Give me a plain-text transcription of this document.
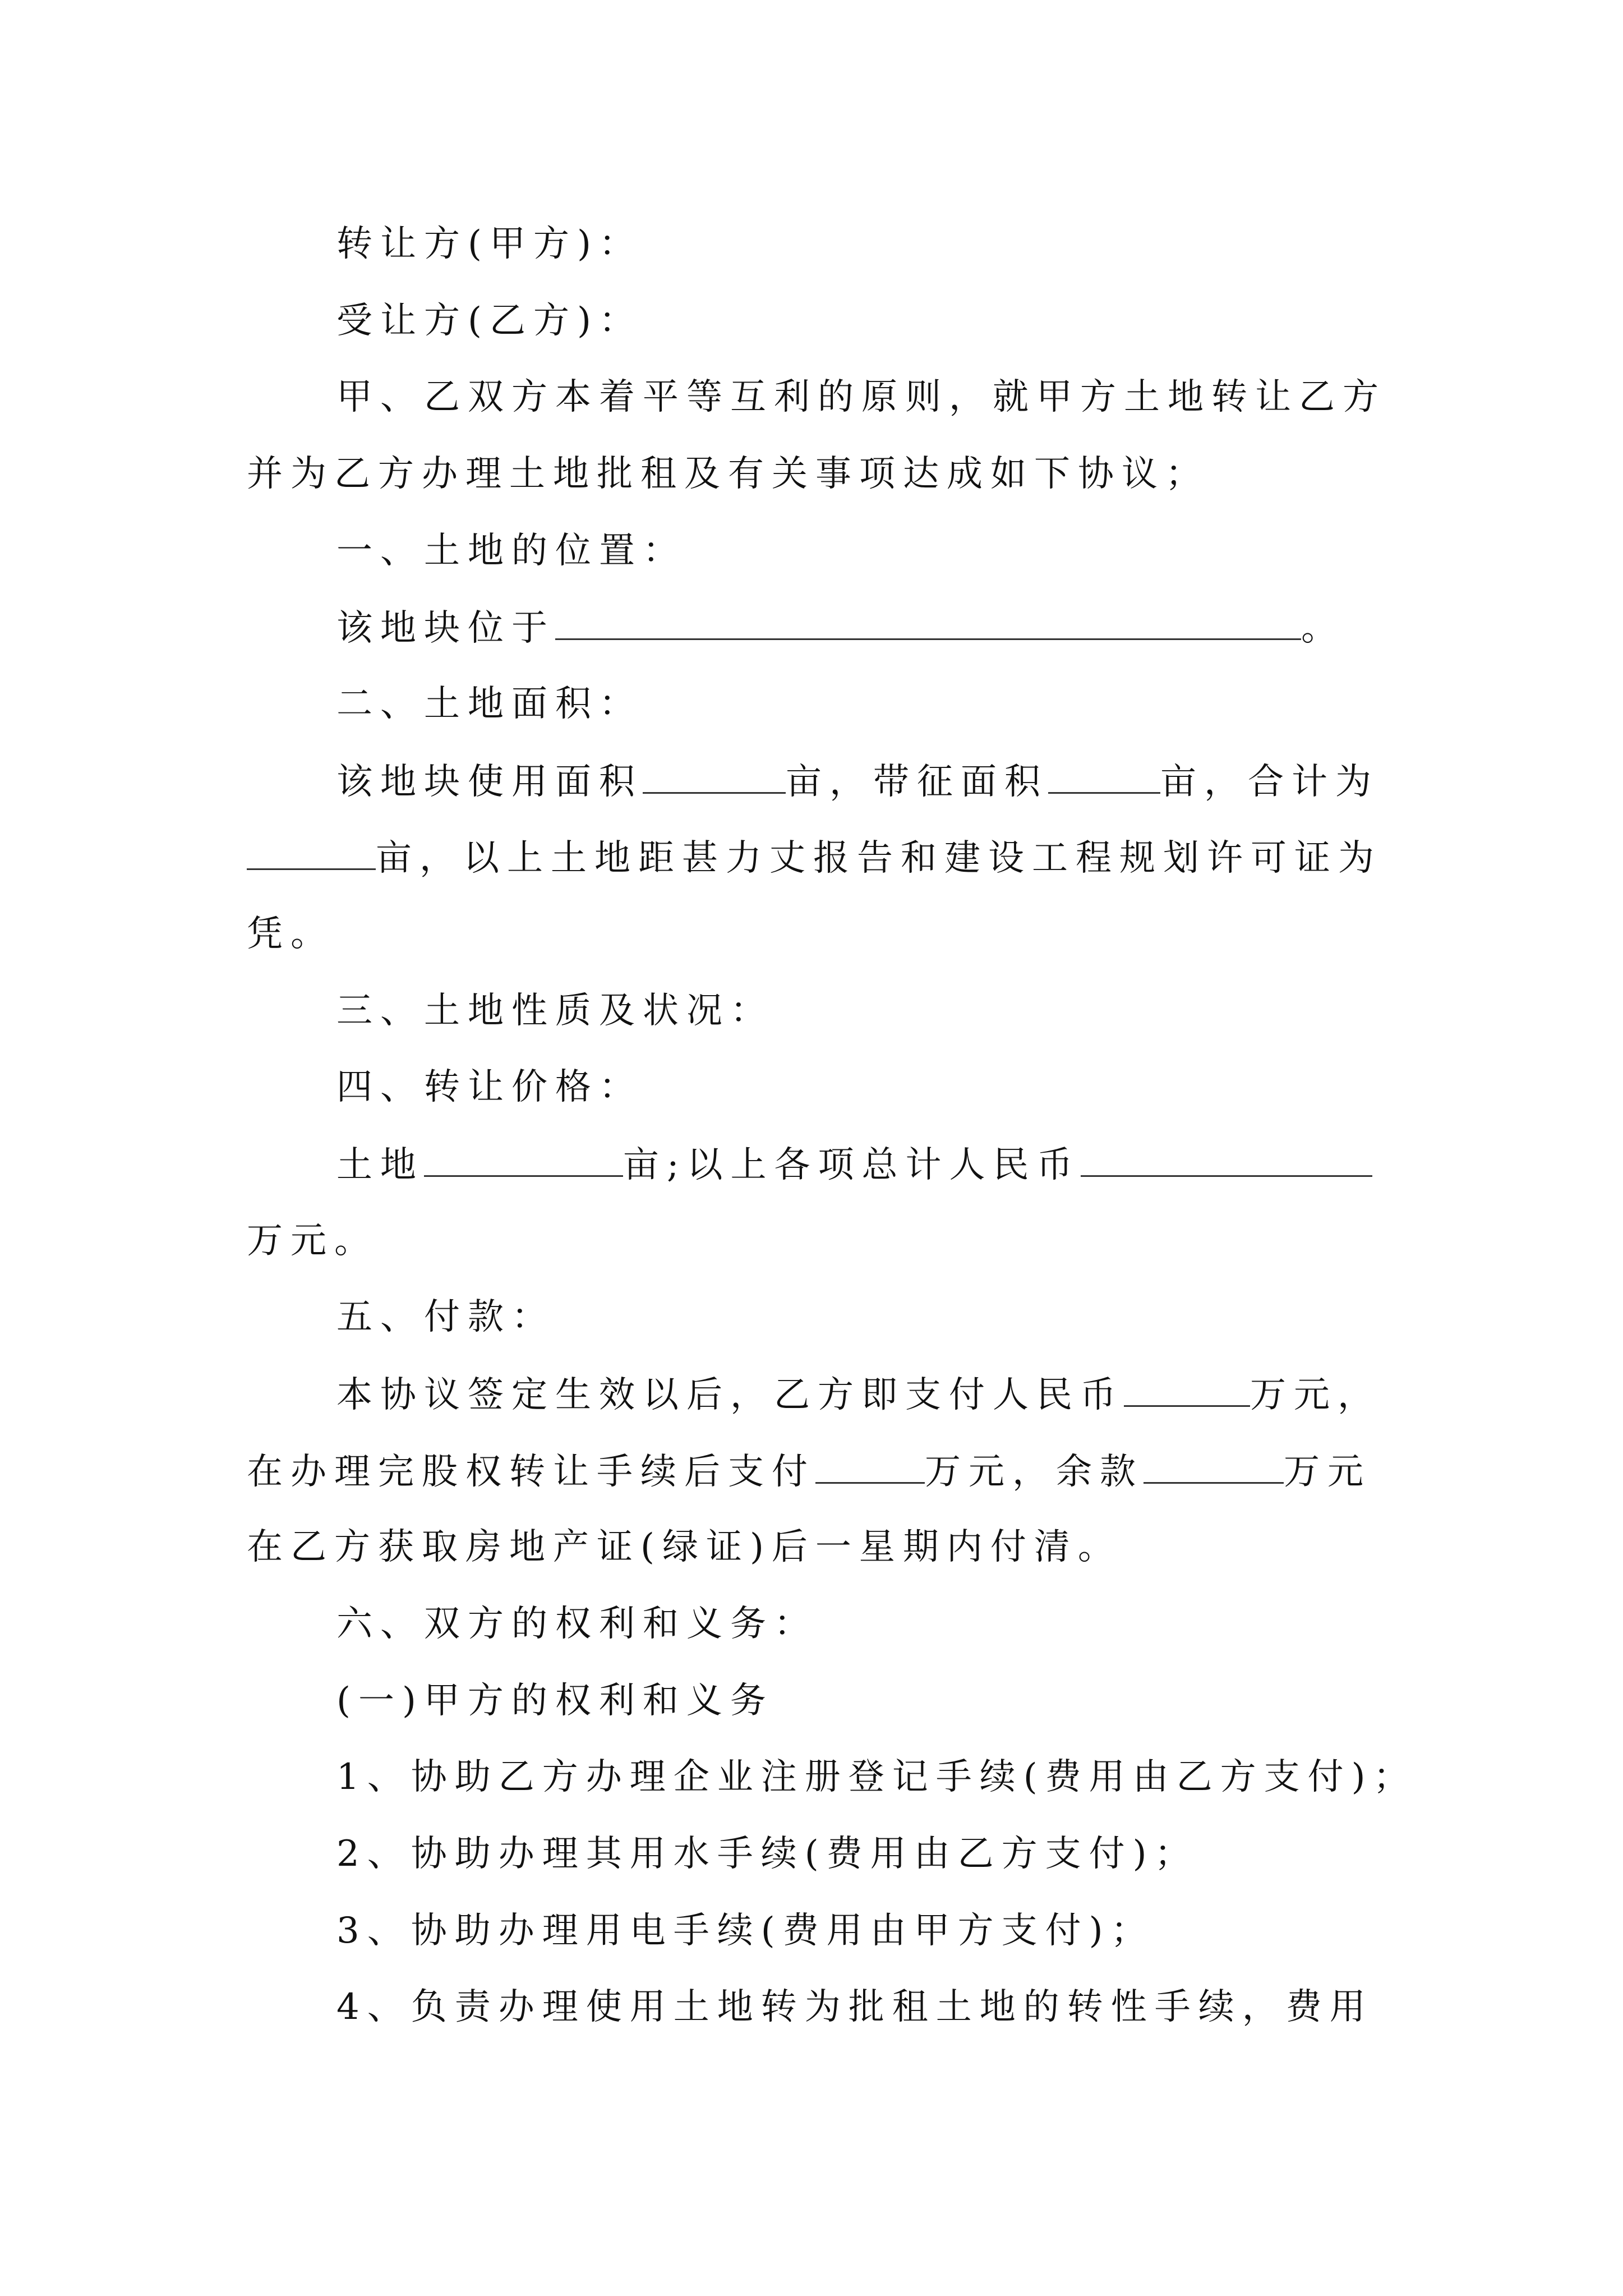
转让方(甲方)：
受让方(乙方)：
甲、乙双方本着平等互利的原则，就甲方土地转让乙方
并为乙方办理土地批租及有关事项达成如下协议；
一、土地的位置：
该地块位于	。
二、土地面积：
该地块使用面积	亩，带征面积	亩，合计为
亩，以上土地距甚力丈报告和建设工程规划许可证为
凭。
三、土地性质及状况：
四、转让价格：
土地	亩;以上各项总计人民币
万元。
五、付款：
本协议签定生效以后，乙方即支付人民币	万元，
在办理完股权转让手续后支付	万元，余款	万元
在乙方获取房地产证(绿证)后一星期内付清。
六、双方的权利和义务：
(一)甲方的权利和义务
1、协助乙方办理企业注册登记手续(费用由乙方支付)；
2、协助办理其用水手续(费用由乙方支付)；
3、协助办理用电手续(费用由甲方支付)；
4、负责办理使用土地转为批租土地的转性手续，费用
